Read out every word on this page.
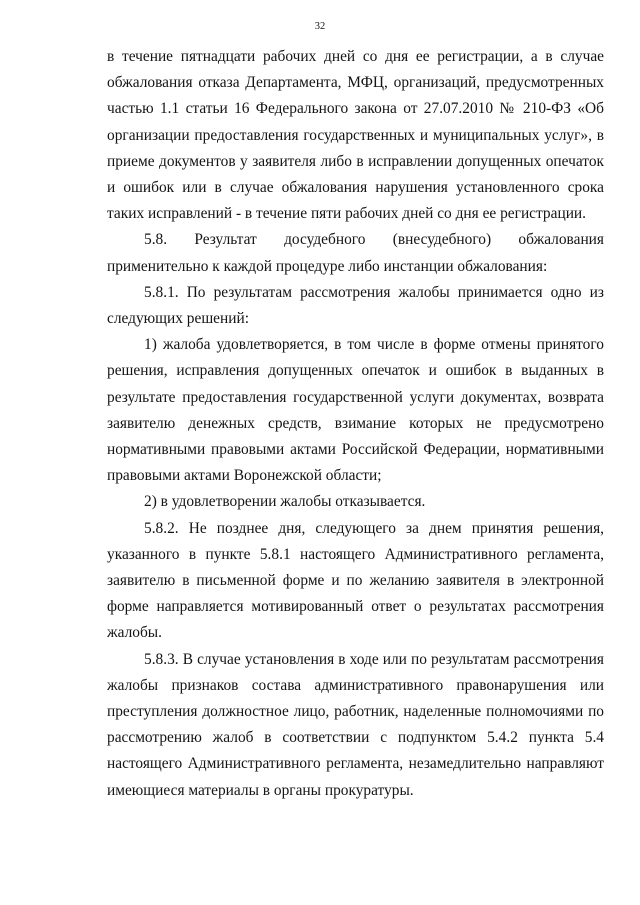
32

в течение пятнадцати рабочих дней со дня ее регистрации, а в случае обжалования отказа Департамента, МФЦ, организаций, предусмотренных частью 1.1 статьи 16 Федерального закона от 27.07.2010 № 210-ФЗ «Об организации предоставления государственных и муниципальных услуг», в приеме документов у заявителя либо в исправлении допущенных опечаток и ошибок или в случае обжалования нарушения установленного срока таких исправлений - в течение пяти рабочих дней со дня ее регистрации.

5.8. Результат досудебного (внесудебного) обжалования применительно к каждой процедуре либо инстанции обжалования:

5.8.1. По результатам рассмотрения жалобы принимается одно из следующих решений:

1) жалоба удовлетворяется, в том числе в форме отмены принятого решения, исправления допущенных опечаток и ошибок в выданных в результате предоставления государственной услуги документах, возврата заявителю денежных средств, взимание которых не предусмотрено нормативными правовыми актами Российской Федерации, нормативными правовыми актами Воронежской области;

2) в удовлетворении жалобы отказывается.

5.8.2. Не позднее дня, следующего за днем принятия решения, указанного в пункте 5.8.1 настоящего Административного регламента, заявителю в письменной форме и по желанию заявителя в электронной форме направляется мотивированный ответ о результатах рассмотрения жалобы.

5.8.3. В случае установления в ходе или по результатам рассмотрения жалобы признаков состава административного правонарушения или преступления должностное лицо, работник, наделенные полномочиями по рассмотрению жалоб в соответствии с подпунктом 5.4.2 пункта 5.4 настоящего Административного регламента, незамедлительно направляют имеющиеся материалы в органы прокуратуры.
